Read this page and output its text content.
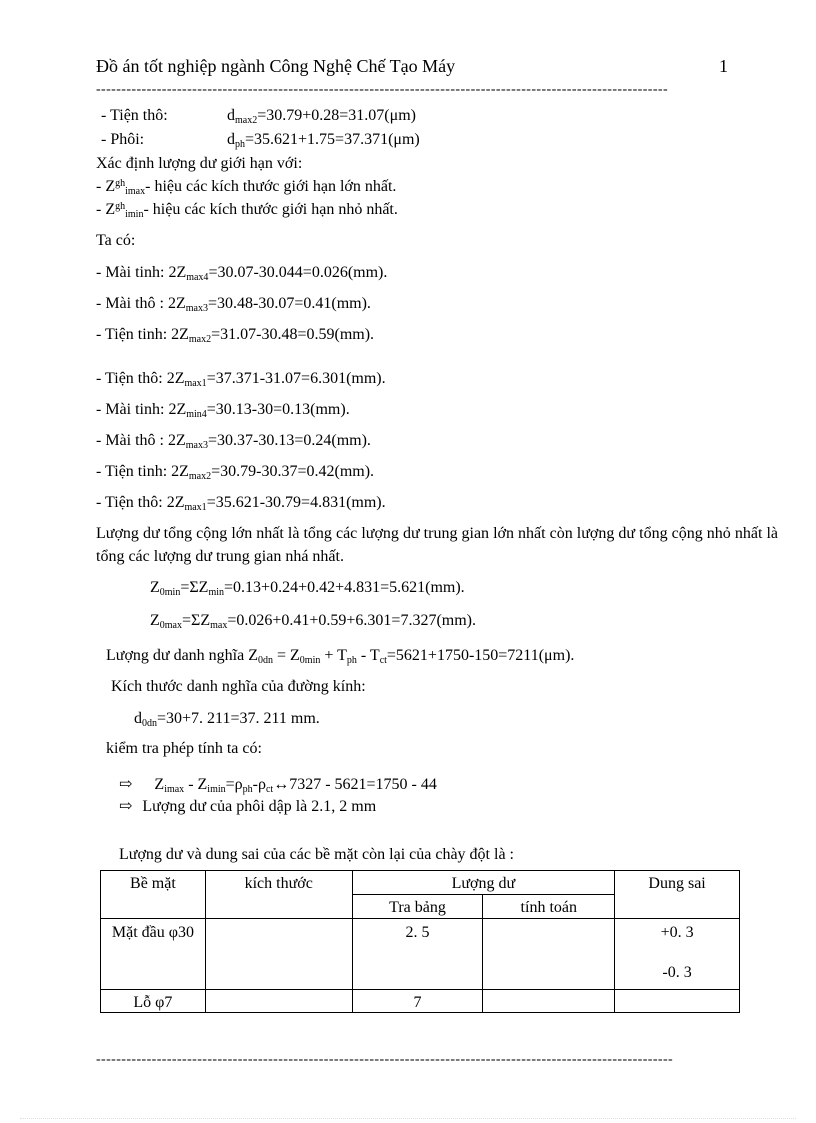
Đồ án tốt nghiệp ngành Công Nghệ Chế Tạo Máy	1
-----------------------------------------------------------------------------------------------------------------
- Tiện thô:	$d_{max2}=30.79+0.28=31.07(\mu m)$
- Phôi:	$d_{ph}=35.621+1.75=37.371(\mu m)$
Xác định lượng dư giới hạn với:
- $Z^{gh}_{imax}-$ hiệu các kích thước giới hạn lớn nhất.
- $Z^{gh}_{imin}-$ hiệu các kích thước giới hạn nhỏ nhất.
Ta có:
- Mài tinh: $2Z_{max4}=30.07-30.044=0.026(mm)$.
- Mài thô : $2Z_{max3}=30.48-30.07=0.41(mm)$.
- Tiện tinh: $2Z_{max2}=31.07-30.48=0.59(mm)$.
- Tiện thô: $2Z_{max1}=37.371-31.07=6.301(mm)$.
- Mài tinh: $2Z_{min4}=30.13-30=0.13(mm)$.
- Mài thô : $2Z_{max3}=30.37-30.13=0.24(mm)$.
- Tiện tinh: $2Z_{max2}=30.79-30.37=0.42(mm)$.
- Tiện thô: $2Z_{max1}=35.621-30.79=4.831(mm)$.
Lượng dư tổng cộng lớn nhất là tổng các lượng dư trung gian lớn nhất còn lượng dư tổng cộng nhỏ nhất là tổng các lượng dư trung gian nhá nhất.
$Z_{0min}=\Sigma Z_{min}=0.13+0.24+0.42+4.831=5.621(mm)$.
$Z_{0max}=\Sigma Z_{max}=0.026+0.41+0.59+6.301=7.327(mm)$.
Lượng dư danh nghĩa $Z_{0dn} = Z_{0min} + T_{ph} - T_{ct}=5621+1750-150=7211(\mu m)$.
Kích thước danh nghĩa của đường kính:
$d_{0dn}=30+7$. 211=37. 211 mm.
kiểm tra phép tính ta có:
⇨ $Z_{imax}$ - $Z_{imin}=\rho_{ph}-\rho_{ct}\leftrightarrow 7327 - 5621=1750 - 44$
⇨ Lượng dư của phôi dập là 2.1, 2 mm
Lượng dư và dung sai của các bề mặt còn lại của chày đột là :
Bề mặt	kích thước	Lượng dư		Dung sai
		Tra bảng	tính toán	
Mặt đầu φ30		2. 5		+0. 3
-0. 3

Lỗ φ7		7		
------------------------------------------------------------------------------------------------------------------
